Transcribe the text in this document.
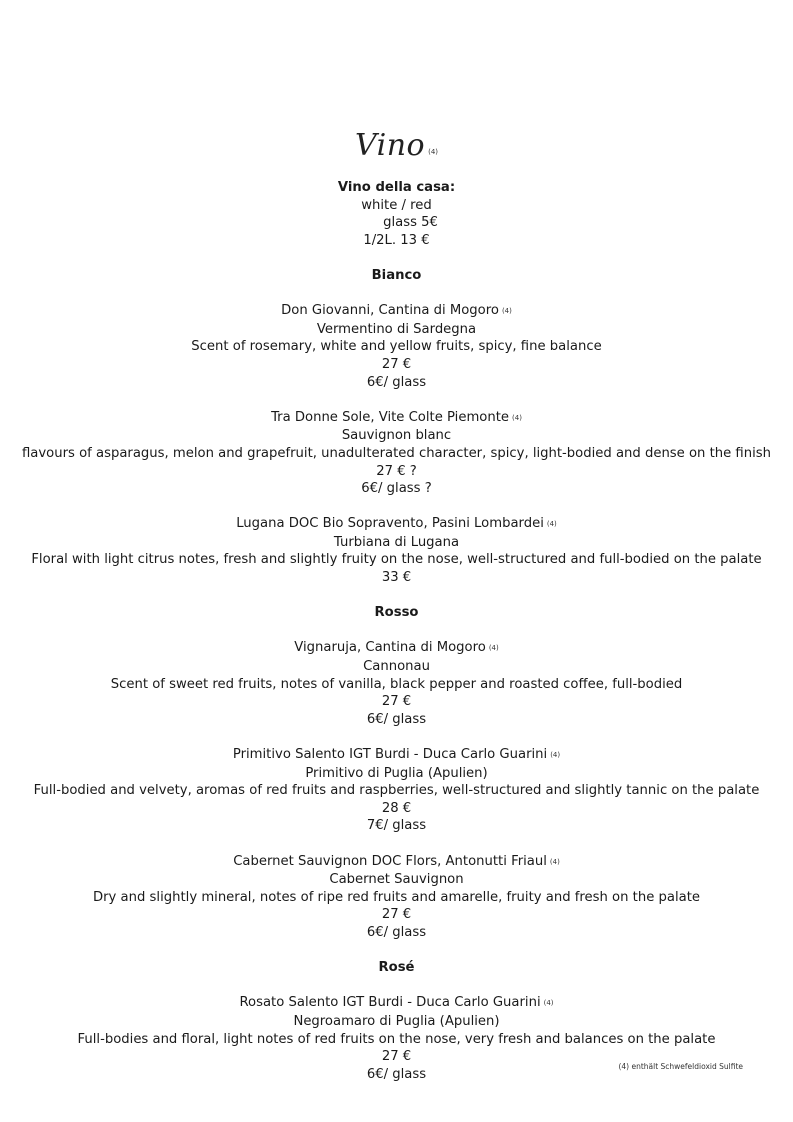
Vino (4)
Vino della casa:
white / red
glass 5€
1/2L. 13 €
Bianco
Don Giovanni, Cantina di Mogoro (4)
Vermentino di Sardegna
Scent of rosemary, white and yellow fruits, spicy, fine balance
27 €
6€/ glass
Tra Donne Sole, Vite Colte Piemonte (4)
Sauvignon blanc
flavours of asparagus, melon and grapefruit, unadulterated character, spicy, light-bodied and dense on the finish
27 € ?
6€/ glass ?
Lugana DOC Bio Sopravento, Pasini Lombardei (4)
Turbiana di Lugana
Floral with light citrus notes, fresh and slightly fruity on the nose, well-structured and full-bodied on the palate
33 €
Rosso
Vignaruja, Cantina di Mogoro (4)
Cannonau
Scent of sweet red fruits, notes of vanilla, black pepper and roasted coffee, full-bodied
27 €
6€/ glass
Primitivo Salento IGT Burdi - Duca Carlo Guarini (4)
Primitivo di Puglia (Apulien)
Full-bodied and velvety, aromas of red fruits and raspberries, well-structured and slightly tannic on the palate
28 €
7€/ glass
Cabernet Sauvignon DOC Flors, Antonutti Friaul (4)
Cabernet Sauvignon
Dry and slightly mineral, notes of ripe red fruits and amarelle, fruity and fresh on the palate
27 €
6€/ glass
Rosé
Rosato Salento IGT Burdi - Duca Carlo Guarini (4)
Negroamaro di Puglia (Apulien)
Full-bodies and floral, light notes of red fruits on the nose, very fresh and balances on the palate
27 €
6€/ glass
(4) enthält Schwefeldioxid Sulfite
